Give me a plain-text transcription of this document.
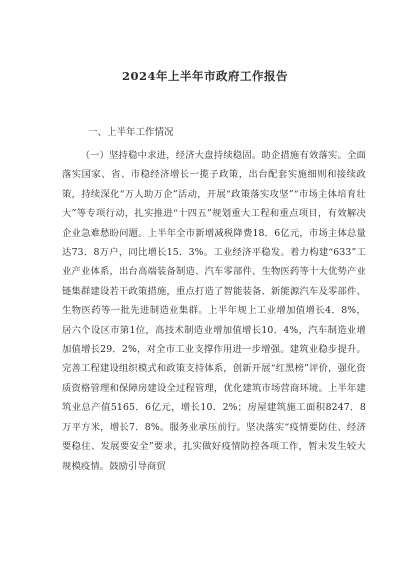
2024年上半年市政府工作报告

一、上半年工作情况

（一）坚持稳中求进，经济大盘持续稳固。助企措施有效落实。全面落实国家、省、市稳经济增长一揽子政策，出台配套实施细则和接续政策，持续深化“万人助万企”活动，开展“政策落实攻坚”“市场主体培育壮大”等专项行动，扎实推进“十四五”规划重大工程和重点项目，有效解决企业急难愁盼问题。上半年全市新增减税降费18．6亿元，市场主体总量达73．8万户，同比增长15．3%。工业经济平稳发。着力构建“633”工业产业体系，出台高端装备制造、汽车零部件、生物医药等十大优势产业链集群建设若干政策措施，重点打造了智能装备、新能源汽车及零部件、生物医药等一批先进制造业集群。上半年规上工业增加值增长4．8%，居六个设区市第1位，高技术制造业增加值增长10．4%，汽车制造业增加值增长29．2%，对全市工业支撑作用进一步增强。建筑业稳步提升。完善工程建设组织模式和政策支持体系，创新开展“红黑榜”评价，强化资质资格管理和保障房建设全过程管理，优化建筑市场营商环境。上半年建筑业总产值5165．6亿元，增长10．2%；房屋建筑施工面积8247．8万平方米，增长7．8%。服务业承压前行。坚决落实“疫情要防住、经济要稳住、发展要安全”要求，扎实做好疫情防控各项工作，暂未发生较大规模疫情。鼓励引导商贸
